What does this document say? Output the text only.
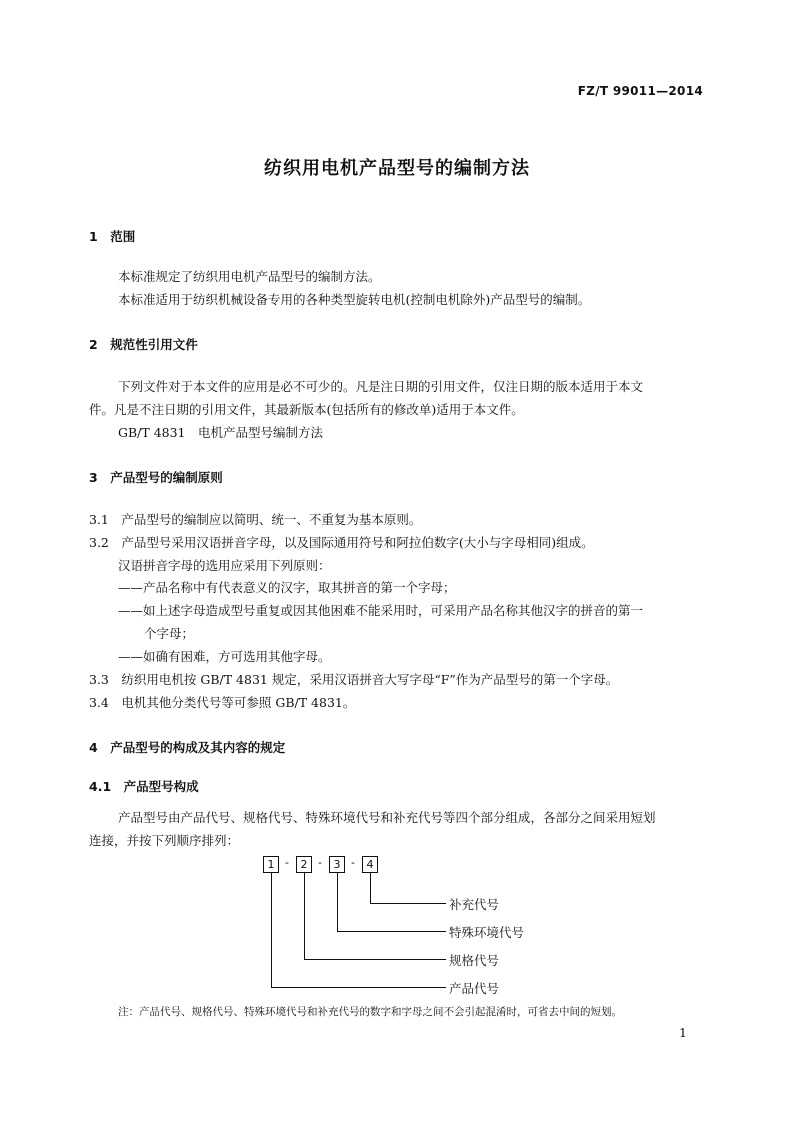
FZ/T 99011—2014
纺织用电机产品型号的编制方法
1　范围
本标准规定了纺织用电机产品型号的编制方法。
本标准适用于纺织机械设备专用的各种类型旋转电机(控制电机除外)产品型号的编制。
2　规范性引用文件
下列文件对于本文件的应用是必不可少的。凡是注日期的引用文件，仅注日期的版本适用于本文
件。凡是不注日期的引用文件，其最新版本(包括所有的修改单)适用于本文件。
GB/T 4831　电机产品型号编制方法
3　产品型号的编制原则
3.1　产品型号的编制应以简明、统一、不重复为基本原则。
3.2　产品型号采用汉语拼音字母，以及国际通用符号和阿拉伯数字(大小与字母相同)组成。
汉语拼音字母的选用应采用下列原则：
——产品名称中有代表意义的汉字，取其拼音的第一个字母；
——如上述字母造成型号重复或因其他困难不能采用时，可采用产品名称其他汉字的拼音的第一
个字母；
——如确有困难，方可选用其他字母。
3.3　纺织用电机按 GB/T 4831 规定，采用汉语拼音大写字母“F”作为产品型号的第一个字母。
3.4　电机其他分类代号等可参照 GB/T 4831。
4　产品型号的构成及其内容的规定
4.1　产品型号构成
产品型号由产品代号、规格代号、特殊环境代号和补充代号等四个部分组成，各部分之间采用短划
连接，并按下列顺序排列：
1 -	2 -	3 -	4
补充代号
特殊环境代号
规格代号
产品代号
注：产品代号、规格代号、特殊环境代号和补充代号的数字和字母之间不会引起混淆时，可省去中间的短划。
1
